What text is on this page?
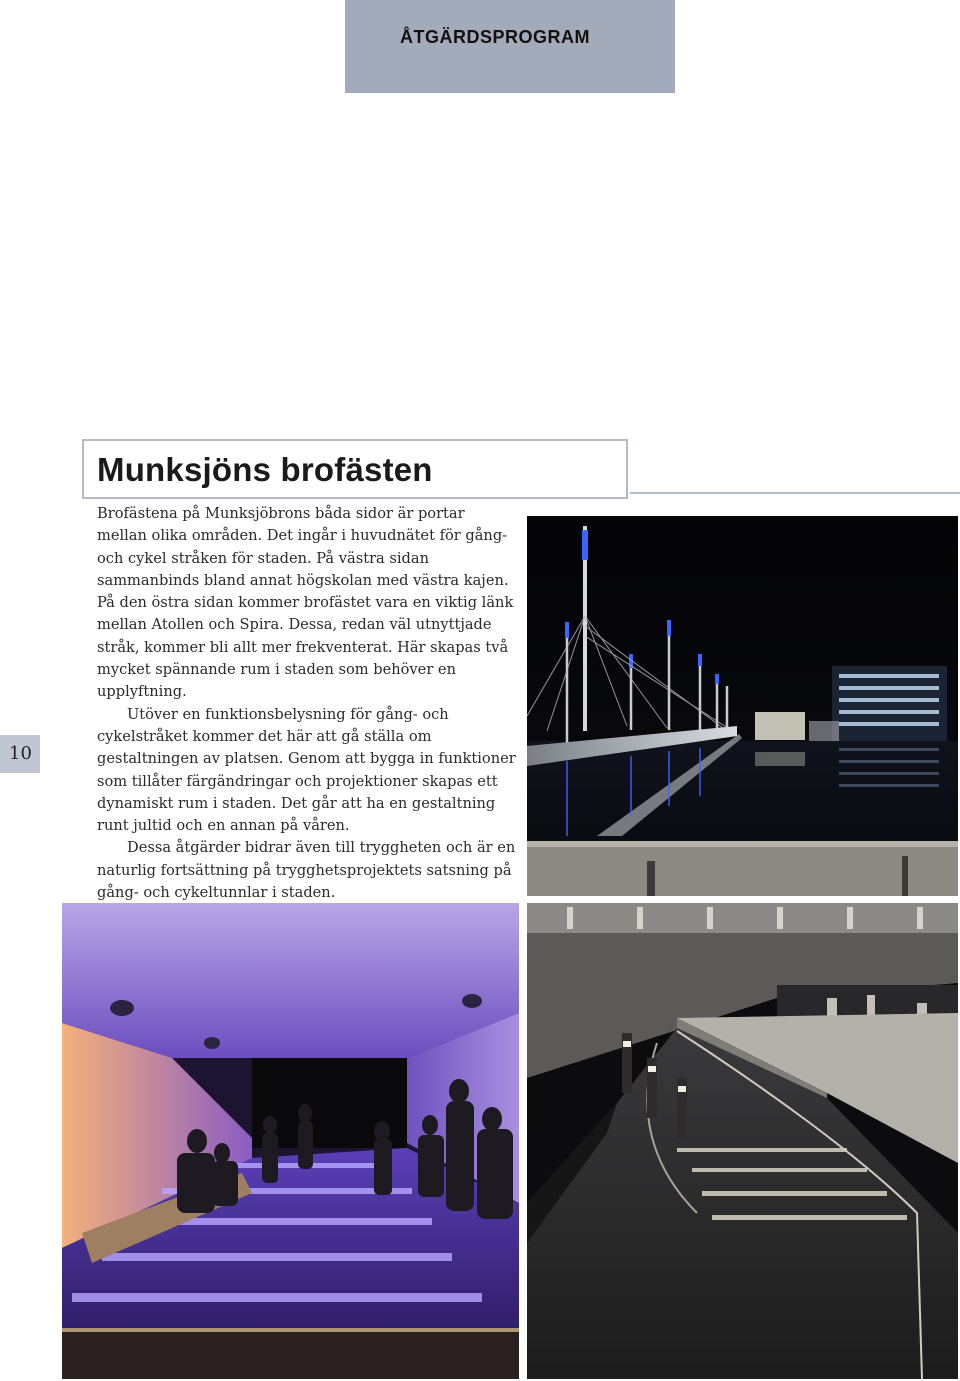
ÅTGÄRDSPROGRAM
Munksjöns brofästen
10

Brofästena på Munksjöbrons båda sidor är portar mellan olika områden. Det ingår i huvudnätet för gång- och cykel stråken för staden. På västra sidan sammanbinds bland annat högskolan med västra kajen. På den östra sidan kommer brofästet vara en viktig länk mellan Atollen och Spira. Dessa, redan väl utnyttjade stråk, kommer bli allt mer frekventerat. Här skapas två mycket spännande rum i staden som behöver en upplyftning.

Utöver en funktionsbelysning för gång- och cykelstråket kommer det här att gå ställa om gestaltningen av platsen. Genom att bygga in funktioner som tillåter färgändringar och projektioner skapas ett dynamiskt rum i staden. Det går att ha en gestaltning runt jultid och en annan på våren.

Dessa åtgärder bidrar även till tryggheten och är en naturlig fortsättning på trygghetsprojektets satsning på gång- och cykeltunnlar i staden.
